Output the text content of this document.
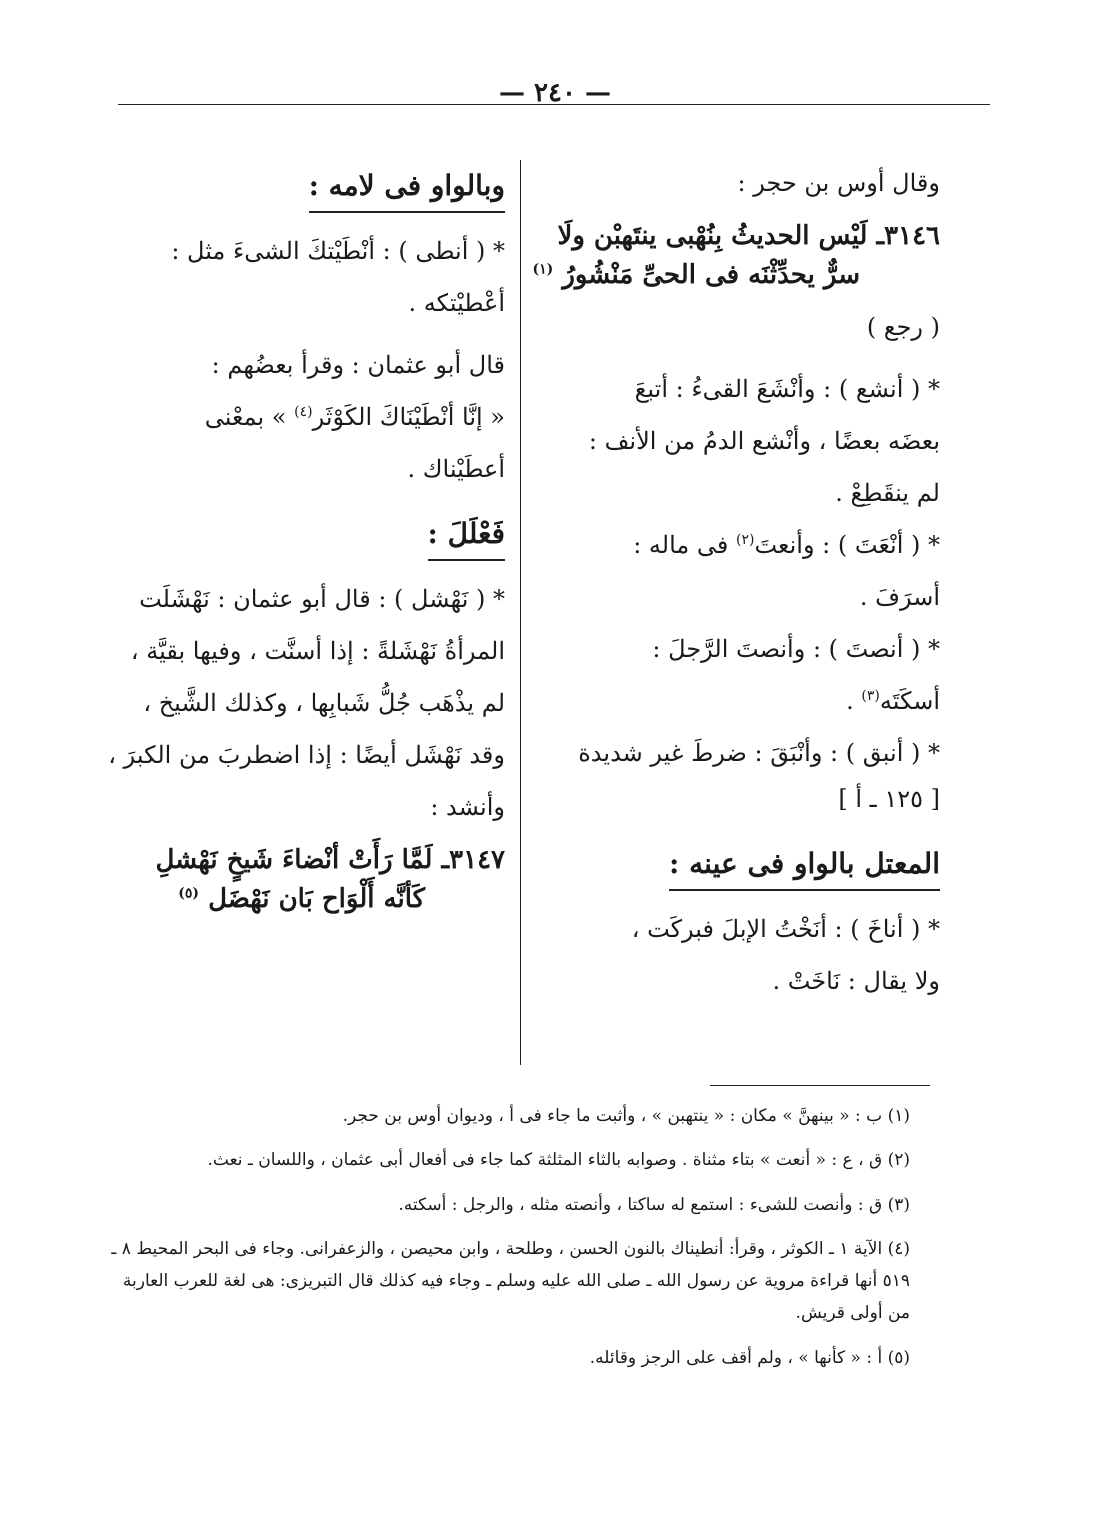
— ٢٤٠ —

وقال أوس بن حجر :

٣١٤٦ـ لَيْس الحديثُ بِنُهْبى ينتَهبْن ولَا

سرٌّ يحدِّثْنَه فى الحىِّ مَنْشُورُ $^{(١)}$

( رجع )

* ( أنشع ) : وأنْشَعَ القىءُ : أتبعَ

بعضَه بعضًا ، وأنْشع الدمُ من الأنف :

لم ينقَطِعْ .

* ( أنْعَتَ ) : وأنعتَ$^{(٢)}$ فى ماله :

أسرَفَ .

* ( أنصتَ ) : وأنصتَ الرَّجلَ :

أسكَتَه$^{(٣)}$ .

* ( أنبق ) : وأنْبَقَ : ضرطَ غير شديدة

[ ١٢٥ ـ أ ]

المعتل بالواو فى عينه :

* ( أناخَ ) : أنَخْتُ الإبلَ فبركَت ،

ولا يقال : نَاخَتْ .

وبالواو فى لامه :

* ( أنطى ) : أنْطَيْتكَ الشىءَ مثل :

أعْطيْتكه .

قال أبو عثمان : وقرأ بعضُهم :

« إنَّا أنْطَيْنَاكَ الكَوْثَر$^{(٤)}$ » بمعْنى

أعطَيْناك .

فَعْلَلَ :

* ( نَهْشل ) : قال أبو عثمان : نَهْشَلَت

المرأةُ نَهْشَلةً : إذا أسنَّت ، وفيها بقيَّة ،

لم يذْهَب جُلُّ شَبابِها ، وكذلك الشَّيخ ،

وقد نَهْشَل أيضًا : إذا اضطربَ من الكبرَ ،

وأنشد :

٣١٤٧ـ لَمَّا رَأَتْ أنْضاءَ شَيخٍ نَهْشلِ

كَأنَّه أَلْوَاح بَان نَهْضَل $^{(٥)}$

(١) ب : « بينهنَّ » مكان : « ينتهبن » ، وأثبت ما جاء فى أ ، وديوان أوس بن حجر.

(٢) ق ، ع : « أنعت » بتاء مثناة . وصوابه بالثاء المثلثة كما جاء فى أفعال أبى عثمان ، واللسان ـ نعث.

(٣) ق : وأنصت للشىء : استمع له ساكتا ، وأنصته مثله ، والرجل : أسكته.

(٤) الآية ١ ـ الكوثر ، وقرأ: أنطيناك بالنون الحسن ، وطلحة ، وابن محيصن ، والزعفرانى. وجاء فى البحر المحيط ٨ ـ ٥١٩ أنها قراءة مروية عن رسول الله ـ صلى الله عليه وسلم ـ وجاء فيه كذلك قال التبريزى: هى لغة للعرب العاربة من أولى قريش.

(٥) أ : « كأنها » ، ولم أقف على الرجز وقائله.
